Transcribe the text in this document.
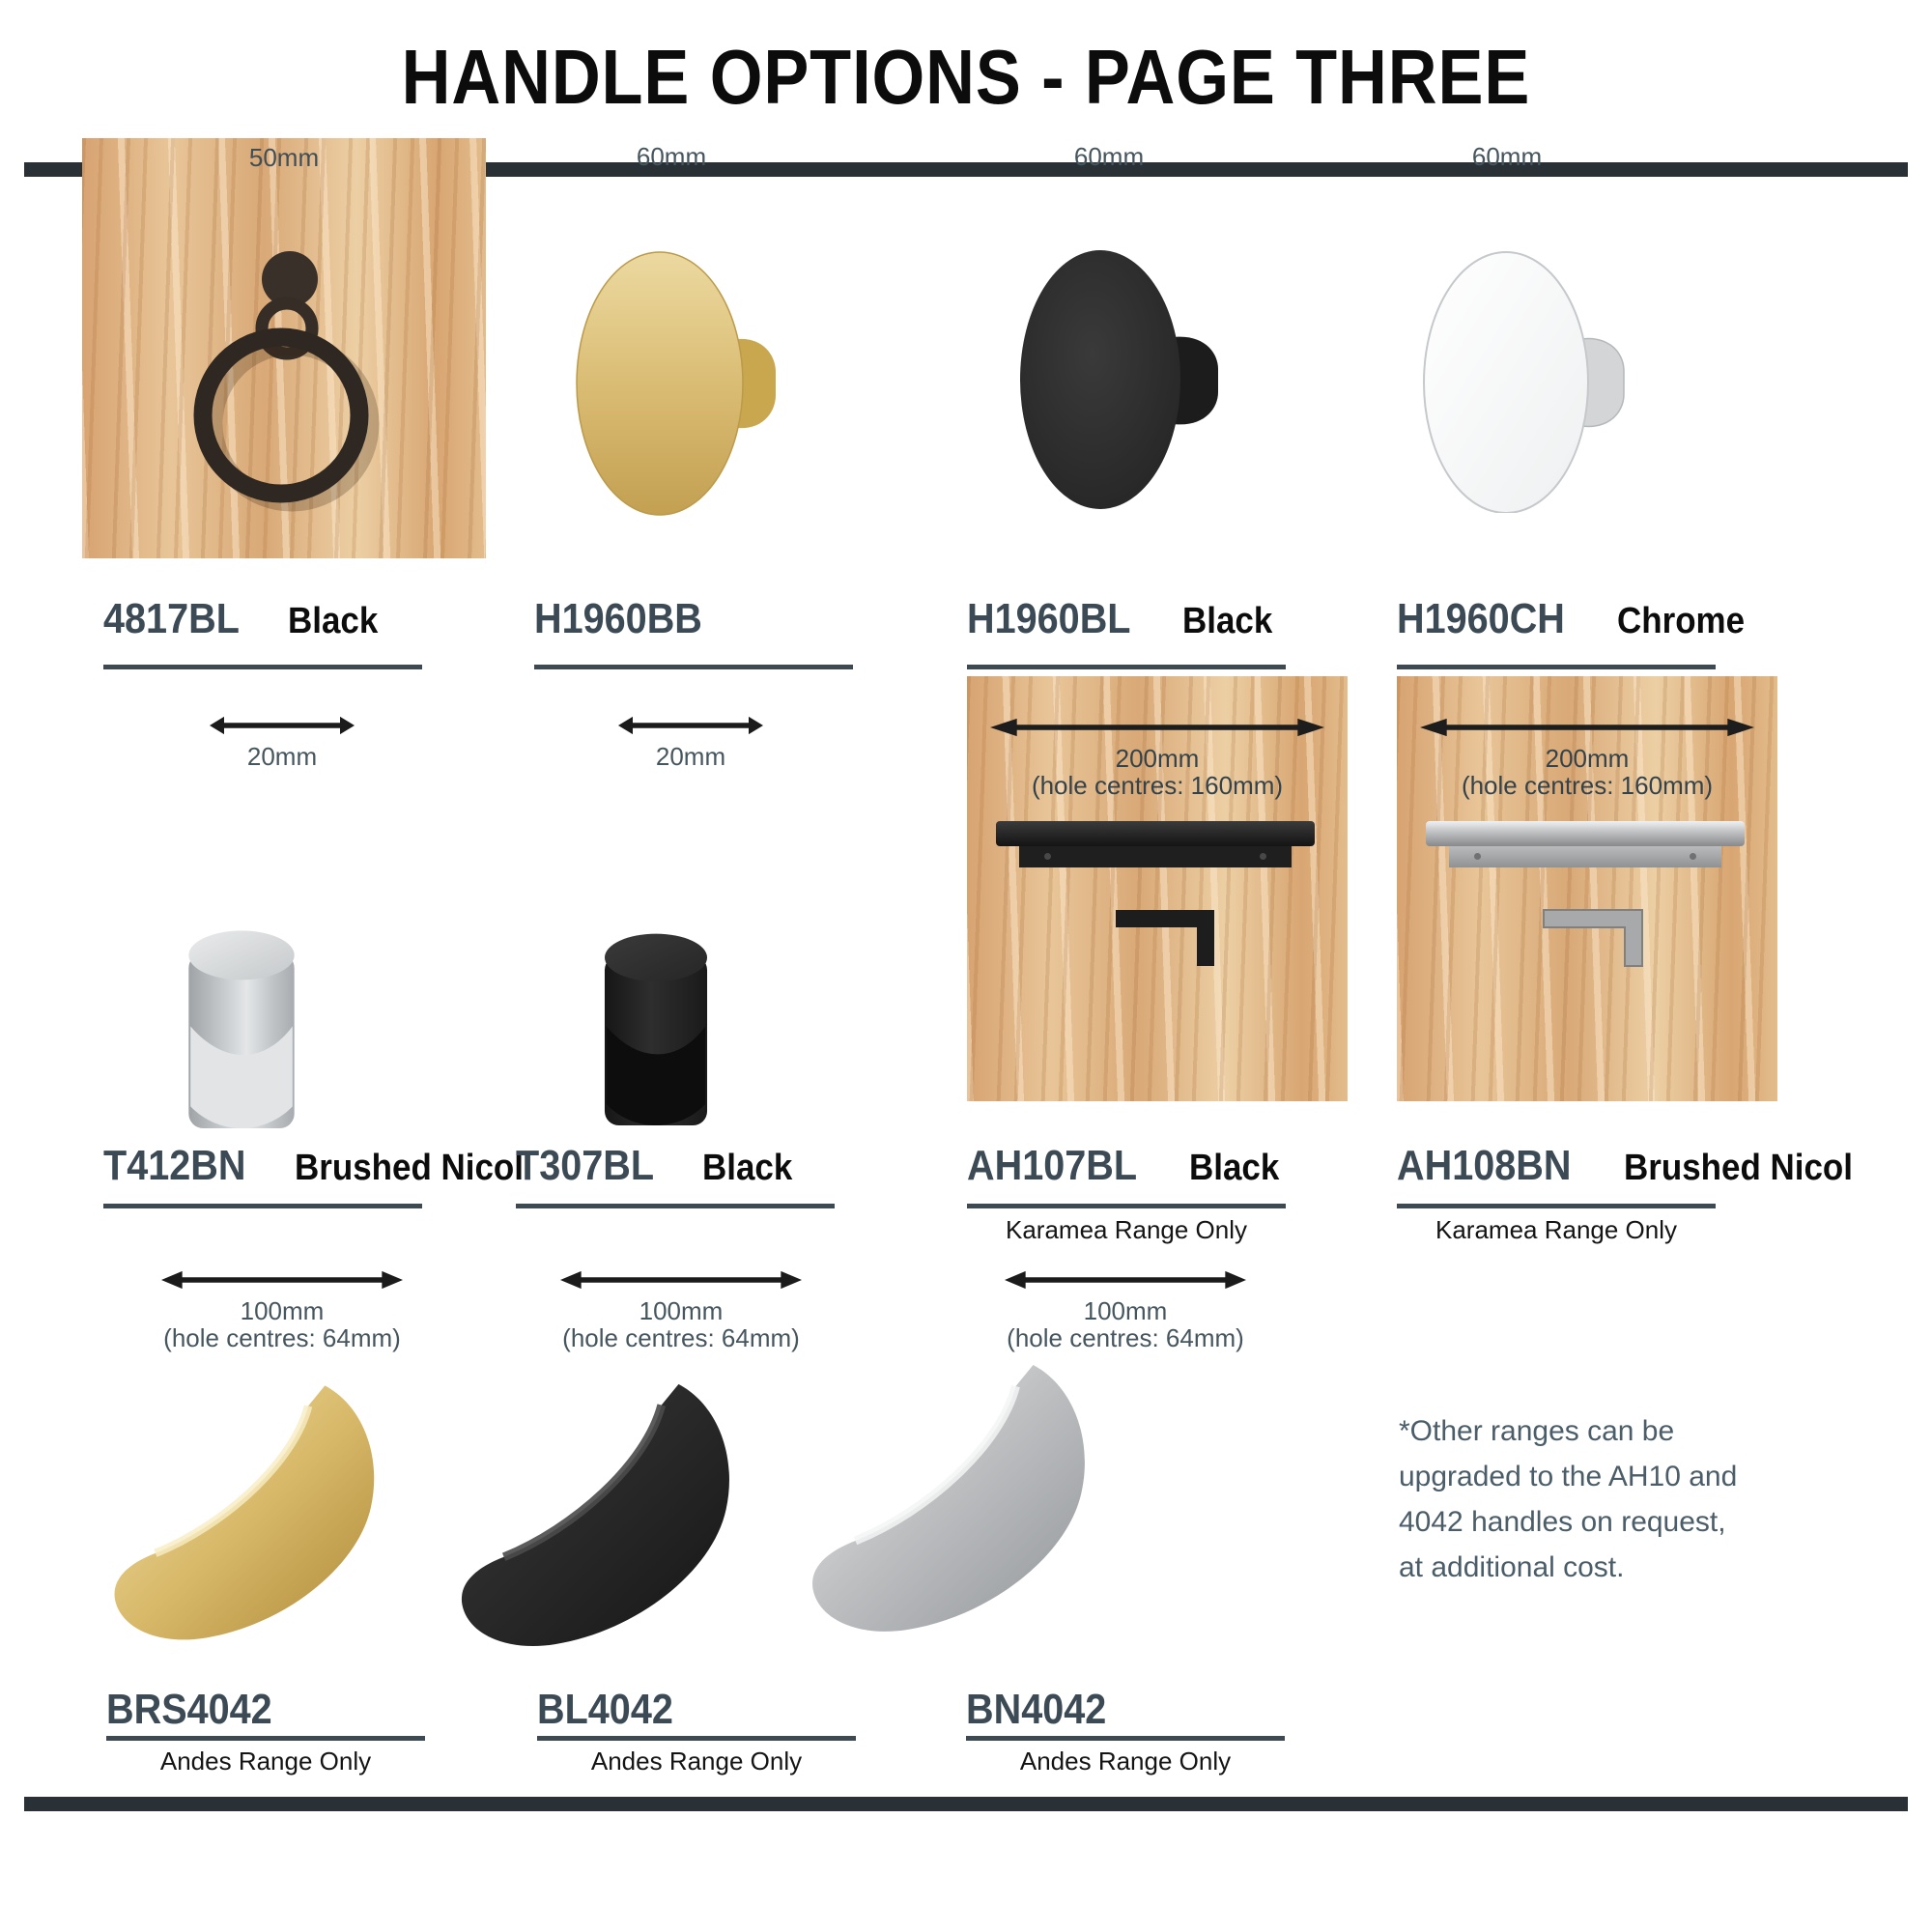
HANDLE OPTIONS - PAGE THREE
50mm	60mm	60mm	60mm
4817BL Black	H1960BB	H1960BL Black	H1960CH Chrome
20mm	20mm	200mm
(hole centres: 160mm)
200mm
(hole centres: 160mm)
T412BN Brushed Nicol
T307BL Black	AH107BL Black	AH108BN Brushed Nicol
Karamea Range Only	Karamea Range Only
100mm
(hole centres: 64mm)
100mm
(hole centres: 64mm)
100mm
(hole centres: 64mm)
BRS4042	BL4042	BN4042
Andes Range Only	Andes Range Only	Andes Range Only
*Other ranges can be
upgraded to the AH10 and
4042 handles on request,
at additional cost.
